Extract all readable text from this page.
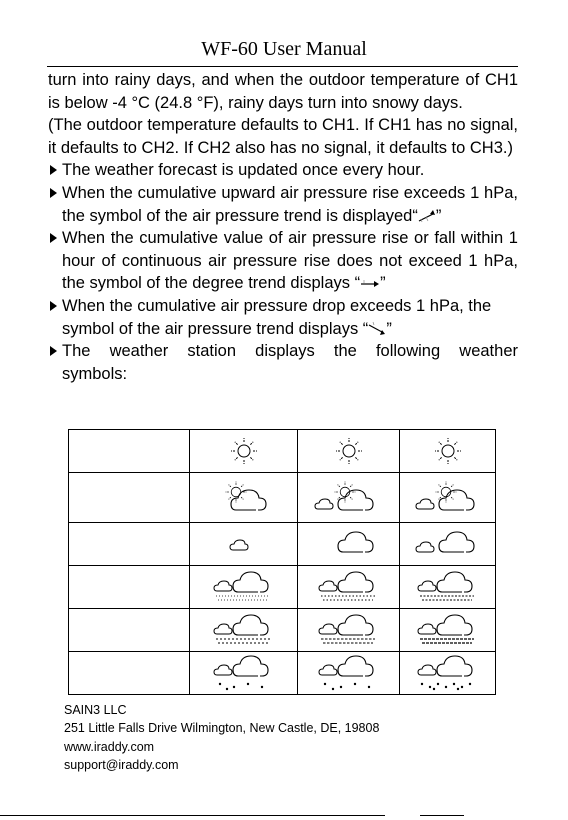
WF-60 User Manual

turn into rainy days, and when the outdoor temperature of CH1 is below -4 °C (24.8 °F), rainy days turn into snowy days.

(The outdoor temperature defaults to CH1. If CH1 has no signal, it defaults to CH2. If CH2 also has no signal, it defaults to CH3.)

The weather forecast is updated once every hour.
When the cumulative upward air pressure rise exceeds 1 hPa, the symbol of the air pressure trend is displayed“ ”
When the cumulative value of air pressure rise or fall within 1 hour of continuous air pressure rise does not exceed 1 hPa, the symbol of the degree trend displays “ ”
When the cumulative air pressure drop exceeds 1 hPa, the symbol of the air pressure trend displays “ ”
The weather station displays the following weather symbols:

SAIN3 LLC
251 Little Falls Drive Wilmington, New Castle, DE, 19808
www.iraddy.com
support@iraddy.com
